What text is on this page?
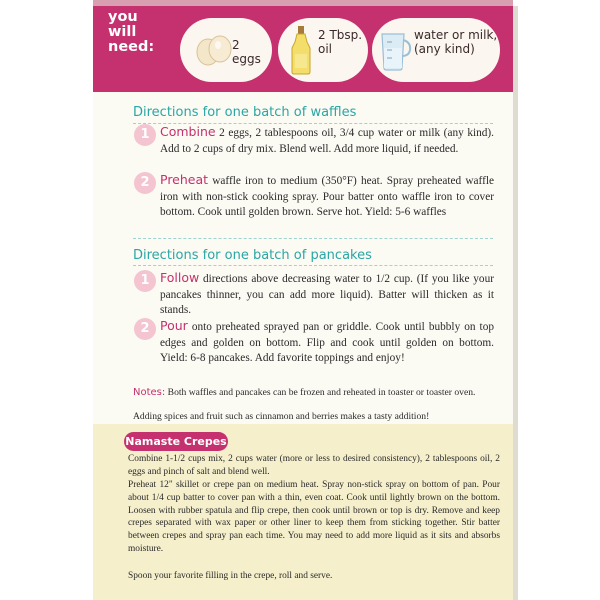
you will need:	2 eggs
2 Tbsp. oil
water or milk, (any kind)
Directions for one batch of waffles
1 Combine 2 eggs, 2 tablespoons oil, 3/4 cup water or milk (any kind). Add to 2 cups of dry mix. Blend well. Add more liquid, if needed.
2 Preheat waffle iron to medium (350°F) heat. Spray preheated waffle iron with non-stick cooking spray. Pour batter onto waffle iron to cover bottom. Cook until golden brown. Serve hot. Yield: 5-6 waffles
Directions for one batch of pancakes
1 Follow directions above decreasing water to 1/2 cup. (If you like your pancakes thinner, you can add more liquid). Batter will thicken as it stands.
2 Pour onto preheated sprayed pan or griddle. Cook until bubbly on top edges and golden on bottom. Flip and cook until golden on bottom. Yield: 6-8 pancakes. Add favorite toppings and enjoy!
Notes: Both waffles and pancakes can be frozen and reheated in toaster or toaster oven.
Adding spices and fruit such as cinnamon and berries makes a tasty addition!
Namaste Crepes
Combine 1-1/2 cups mix, 2 cups water (more or less to desired consistency), 2 tablespoons oil, 2 eggs and pinch of salt and blend well.
Preheat 12" skillet or crepe pan on medium heat. Spray non-stick spray on bottom of pan. Pour about 1/4 cup batter to cover pan with a thin, even coat. Cook until lightly brown on the bottom. Loosen with rubber spatula and flip crepe, then cook until brown or top is dry. Remove and keep crepes separated with wax paper or other liner to keep them from sticking together. Stir batter between crepes and spray pan each time. You may need to add more liquid as it sits and absorbs moisture.
Spoon your favorite filling in the crepe, roll and serve.
